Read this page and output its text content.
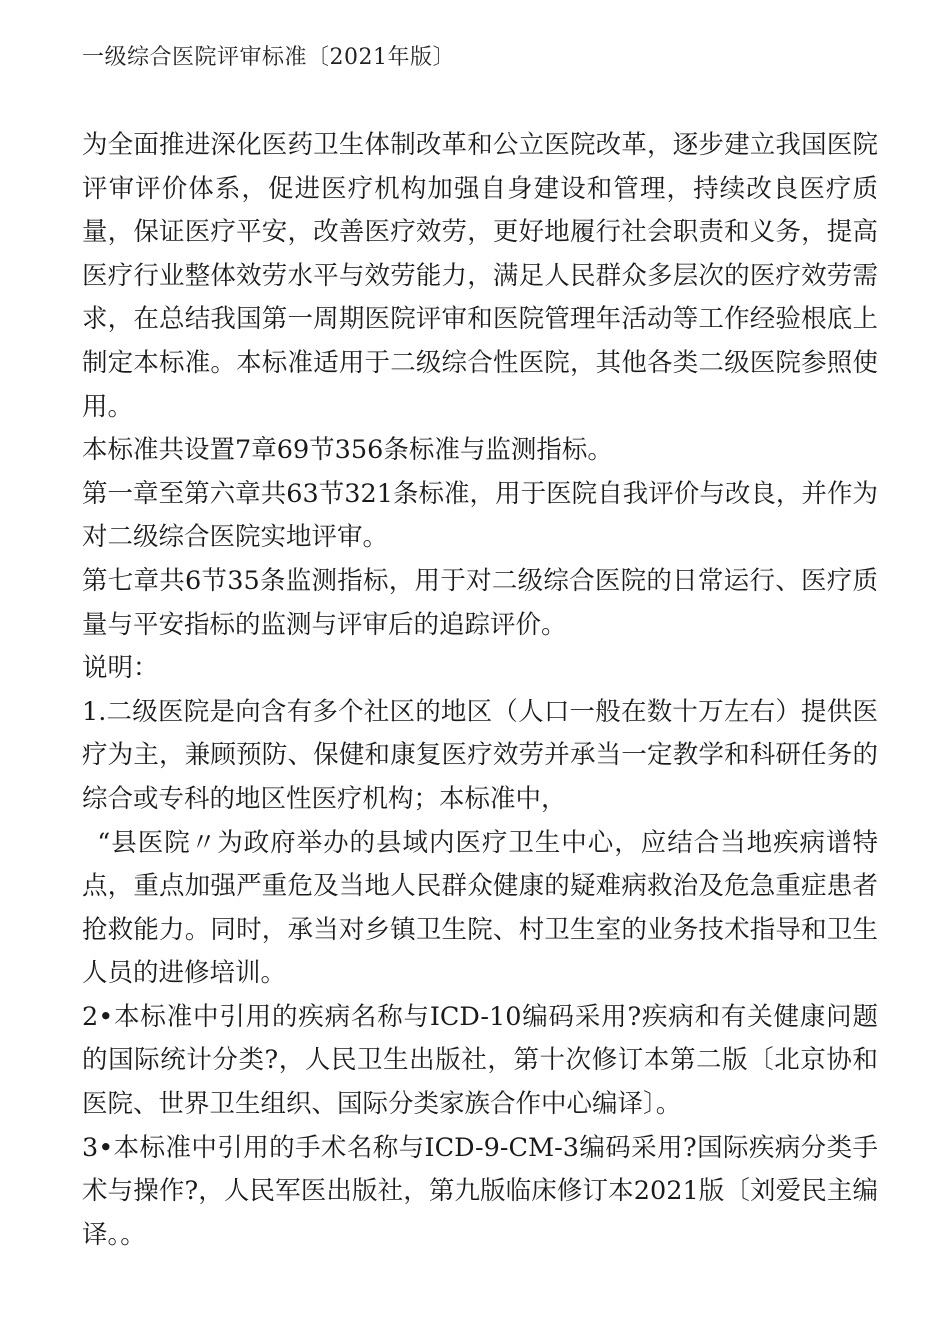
一级综合医院评审标准〔2021年版〕

为全面推进深化医药卫生体制改革和公立医院改革，逐步建立我国医院评审评价体系，促进医疗机构加强自身建设和管理，持续改良医疗质量，保证医疗平安，改善医疗效劳，更好地履行社会职责和义务，提高医疗行业整体效劳水平与效劳能力，满足人民群众多层次的医疗效劳需求，在总结我国第一周期医院评审和医院管理年活动等工作经验根底上制定本标准。本标准适用于二级综合性医院，其他各类二级医院参照使用。

本标准共设置7章69节356条标准与监测指标。

第一章至第六章共63节321条标准，用于医院自我评价与改良，并作为对二级综合医院实地评审。

第七章共6节35条监测指标，用于对二级综合医院的日常运行、医疗质量与平安指标的监测与评审后的追踪评价。

说明：

1.二级医院是向含有多个社区的地区（人口一般在数十万左右）提供医疗为主，兼顾预防、保健和康复医疗效劳并承当一定教学和科研任务的综合或专科的地区性医疗机构；本标准中，

“县医院〃为政府举办的县域内医疗卫生中心，应结合当地疾病谱特点，重点加强严重危及当地人民群众健康的疑难病救治及危急重症患者抢救能力。同时，承当对乡镇卫生院、村卫生室的业务技术指导和卫生人员的进修培训。

2•本标准中引用的疾病名称与ICD-10编码采用?疾病和有关健康问题的国际统计分类?，人民卫生出版社，第十次修订本第二版〔北京协和医院、世界卫生组织、国际分类家族合作中心编译〕。

3•本标准中引用的手术名称与ICD-9-CM-3编码采用?国际疾病分类手术与操作?，人民军医出版社，第九版临床修订本2021版〔刘爱民主编译。。
